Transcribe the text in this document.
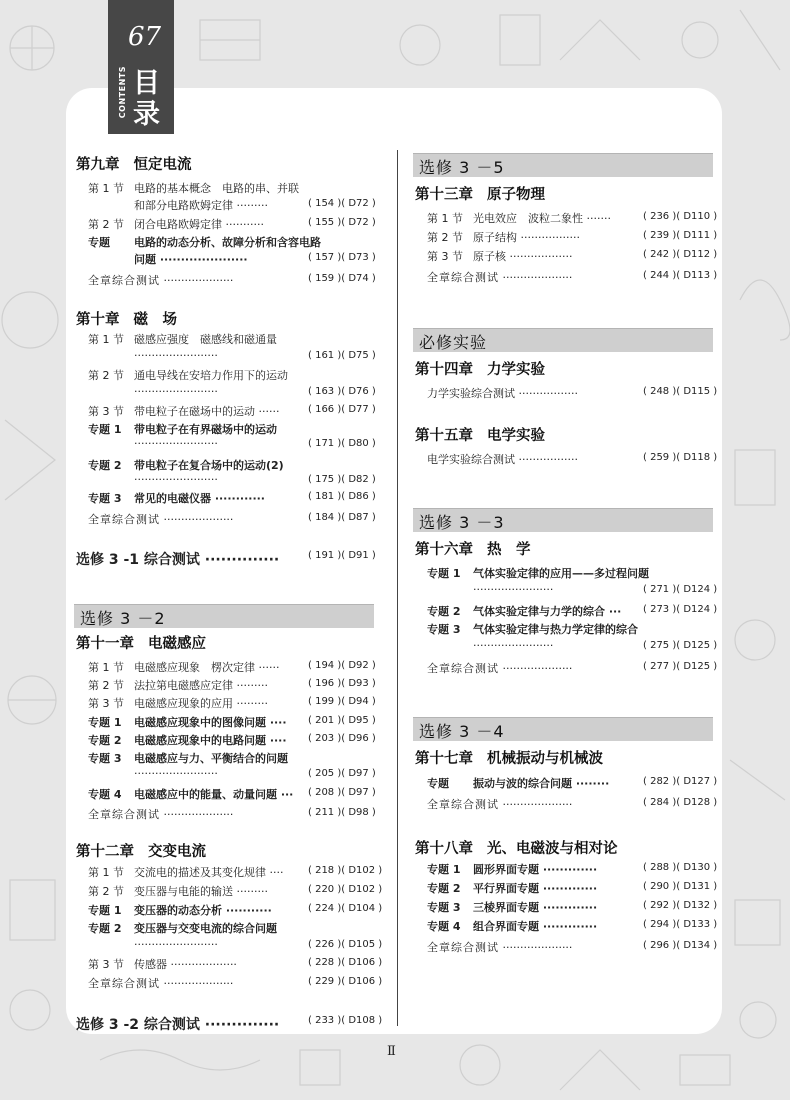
67
CONTENTS 目录
第九章 恒定电流
第 1 节 电路的基本概念　电路的串、并联
和部分电路欧姆定律 ·········	( 154 )( D72 )
第 2 节 闭合电路欧姆定律 ···········	( 155 )( D72 )
专题 电路的动态分析、故障分析和含容电路
问题 ·····················	( 157 )( D73 )
全章综合测试 ····················	( 159 )( D74 )
第十章 磁　场
第 1 节 磁感应强度　磁感线和磁通量
························	( 161 )( D75 )
第 2 节 通电导线在安培力作用下的运动
························	( 163 )( D76 )
第 3 节 带电粒子在磁场中的运动 ······	( 166 )( D77 )
专题 1 带电粒子在有界磁场中的运动
························	( 171 )( D80 )
专题 2 带电粒子在复合场中的运动(2)
························	( 175 )( D82 )
专题 3 常见的电磁仪器 ············	( 181 )( D86 )
全章综合测试 ····················	( 184 )( D87 )
选修 3 -1 综合测试 ··············	( 191 )( D91 )
选修 3 －2
第十一章 电磁感应
第 1 节 电磁感应现象　楞次定律 ······	( 194 )( D92 )
第 2 节 法拉第电磁感应定律 ·········	( 196 )( D93 )
第 3 节 电磁感应现象的应用 ·········	( 199 )( D94 )
专题 1 电磁感应现象中的图像问题 ···· ( 201 )( D95 )
专题 2 电磁感应现象中的电路问题 ···· ( 203 )( D96 )
专题 3 电磁感应与力、平衡结合的问题
························	( 205 )( D97 )
专题 4 电磁感应中的能量、动量问题 ··· ( 208 )( D97 )
全章综合测试 ····················	( 211 )( D98 )
第十二章 交变电流
第 1 节 交流电的描述及其变化规律 ···· ( 218 )( D102 )
第 2 节 变压器与电能的输送 ·········	( 220 )( D102 )
专题 1 变压器的动态分析 ···········	( 224 )( D104 )
专题 2 变压器与交变电流的综合问题
························	( 226 )( D105 )
第 3 节 传感器 ···················	( 228 )( D106 )
全章综合测试 ····················	( 229 )( D106 )
选修 3 -2 综合测试 ··············	( 233 )( D108 )
选修 3 －5
第十三章 原子物理
第 1 节 光电效应　波粒二象性 ·······	( 236 )( D110 )
第 2 节 原子结构 ·················	( 239 )( D111 )
第 3 节 原子核 ··················	( 242 )( D112 )
全章综合测试 ····················	( 244 )( D113 )
必修实验
第十四章 力学实验
力学实验综合测试 ·················	( 248 )( D115 )
第十五章 电学实验
电学实验综合测试 ·················	( 259 )( D118 )
选修 3 －3
第十六章 热　学
专题 1 气体实验定律的应用——多过程问题
·······················	( 271 )( D124 )
专题 2 气体实验定律与力学的综合 ··· ( 273 )( D124 )
专题 3 气体实验定律与热力学定律的综合
·······················	( 275 )( D125 )
全章综合测试 ····················	( 277 )( D125 )
选修 3 －4
第十七章 机械振动与机械波
专题 振动与波的综合问题 ········	( 282 )( D127 )
全章综合测试 ····················	( 284 )( D128 )
第十八章 光、电磁波与相对论
专题 1 圆形界面专题 ·············	( 288 )( D130 )
专题 2 平行界面专题 ·············	( 290 )( D131 )
专题 3 三棱界面专题 ·············	( 292 )( D132 )
专题 4 组合界面专题 ·············	( 294 )( D133 )
全章综合测试 ····················	( 296 )( D134 )
Ⅱ
